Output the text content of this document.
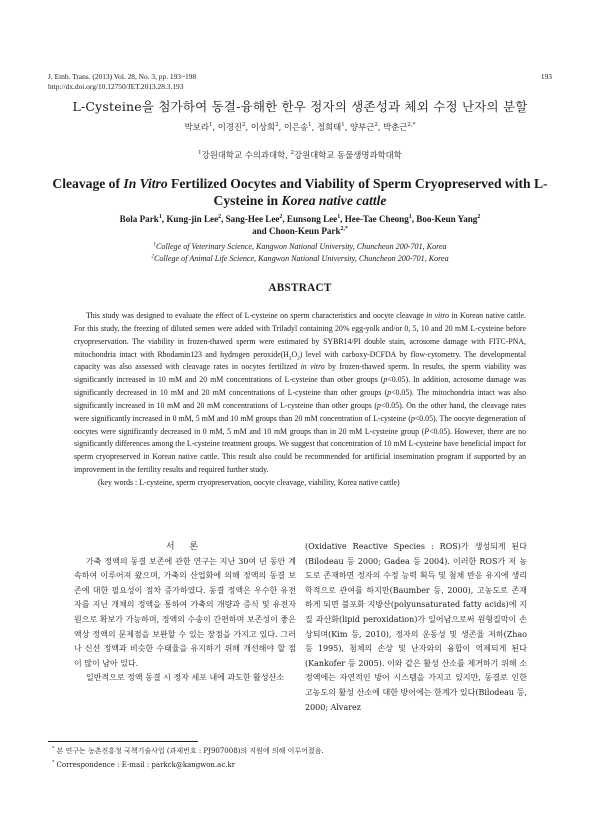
J. Emb. Trans. (2013) Vol. 28, No. 3, pp. 193~198
http://dx.doi.org/10.12750/JET.2013.28.3.193
193
L-Cysteine을 첨가하여 동결-융해한 한우 정자의 생존성과 체외 수정 난자의 분할
박보라$^1$, 이경진$^2$, 이상희$^2$, 이은송$^1$, 정희태$^1$, 양부근$^2$, 박춘근$^{2,*}$
$^1$강원대학교 수의과대학, $^2$강원대학교 동물생명과학대학
Cleavage of In Vitro Fertilized Oocytes and Viability of Sperm Cryopreserved with L-Cysteine in Korea native cattle
Bola Park$^1$, Kung-jin Lee$^2$, Sang-Hee Lee$^2$, Eunsong Lee$^1$, Hee-Tae Cheong$^1$, Boo-Keun Yang$^2$
and Choon-Keun Park$^{2,*}$
$^1$College of Veterinary Science, Kangwon National University, Chuncheon 200-701, Korea
$^2$College of Animal Life Science, Kangwon National University, Chuncheon 200-701, Korea
ABSTRACT

This study was designed to evaluate the effect of L-cysteine on sperm characteristics and oocyte cleavage in vitro in Korean native cattle. For this study, the freezing of diluted semen were added with Triladyl containing 20% egg-yolk and/or 0, 5, 10 and 20 mM L-cysteine before cryopreservation. The viability in frozen-thawed sperm were estimated by SYBR14/PI double stain, acrosome damage with FITC-PNA, mitochondria intact with Rhodamin123 and hydrogen $peroxide(H_2O_2)$ level with carboxy-DCFDA by flow-cytometry. The developmental capacity was also assessed with cleavage rates in oocytes fertilized in vitro by frozen-thawed sperm. In results, the sperm viability was significantly increased in 10 mM and 20 mM concentrations of L-cysteine than other groups (p<0.05). In addition, acrosome damage was significantly decreased in 10 mM and 20 mM concentrations of L-cysteine than other groups (p<0.05). The mitochondria intact was also significantly increased in 10 mM and 20 mM concentrations of L-cysteine than other groups (p<0.05). On the other hand, the cleavage rates were significantly increased in 0 mM, 5 mM and 10 mM groups than 20 mM concentration of L-cysteine (p<0.05). The oocyte degeneration of oocytes were significantly decreased in 0 mM, 5 mM and 10 mM groups than in 20 mM L-cysteine group (P<0.05). However, there are no significantly differences among the L-cysteine treatment groups. We suggest that concentration of 10 mM L-cysteine have beneficial impact for sperm cryopreserved in Korean native cattle. This result also could be recommended for artificial insemination program if supported by an improvement in the fertility results and required further study.

(key words : L-cysteine, sperm cryopreservation, oocyte cleavage, viability, Korea native cattle)

서 론

가축 정액의 동결 보존에 관한 연구는 지난 30여 년 동안 계속하여 이루어져 왔으며, 가축의 산업화에 의해 정액의 동결 보존에 대한 필요성이 점차 증가하였다. 동결 정액은 우수한 유전자를 지닌 개체의 정액을 통하여 가축의 개량과 증식 및 유전자원으로 확보가 가능하며, 정액의 수송이 간편하며 보존성이 좋은 액상 정액의 문제점을 보완할 수 있는 장점을 가지고 있다. 그러나 신선 정액과 비슷한 수태율을 유지하기 위해 개선해야 할 점이 많이 남아 있다.

일반적으로 정액 동결 시 정자 세포 내에 과도한 활성산소

(Oxidative Reactive Species : ROS)가 생성되게 된다(Bilodeau 등 2000; Gadea 등 2004). 이러한 ROS가 저 농도로 존재하면 정자의 수정 능력 획득 및 첨체 반응 유지에 생리학적으로 관여를 하지만(Baumber 등, 2000), 고농도로 존재하게 되면 불포화 지방산(polyunsaturated fatty acids)에 지질 과산화(lipid peroxidation)가 일어남으로써 원형질막이 손상되며(Kim 등, 2010), 정자의 운동성 및 생존율 저하(Zhao 등 1995), 첨체의 손상 및 난자와의 융합이 억제되게 된다(Kankofer 등 2005). 이와 같은 활성 산소를 제거하기 위해 소 정액에는 자연적인 방어 시스템을 가지고 있지만, 동결로 인한 고농도의 활성 산소에 대한 방어에는 한계가 있다(Bilodeau 등, 2000; Alvarez

* 본 연구는 농촌진흥청 국책기술사업 (과제번호 : PJ907008)의 지원에 의해 이루어졌음.
* Correspondence : E-mail : parkck@kangwon.ac.kr
